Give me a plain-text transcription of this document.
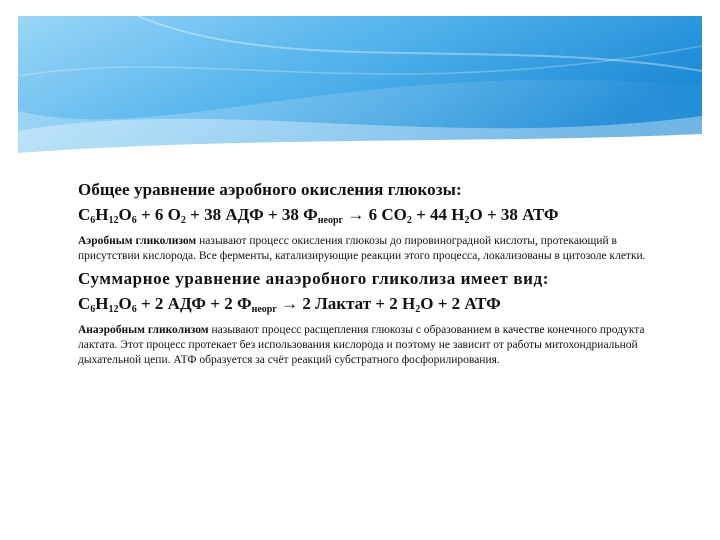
Общее уравнение аэробного окисления глюкозы:

$C_6H_{12}O_6 + 6$ $O_2 + 38$ АДФ + 38 $Ф_{неорг} \to 6$ $CO_2 + 44$ $H_2O + 38$ АТФ

Аэробным гликолизом называют процесс окисления глюкозы до пировиноградной кислоты, протекающий в присутствии кислорода. Все ферменты, катализирующие реакции этого процесса, локализованы в цитозоле клетки.

Суммарное уравнение анаэробного гликолиза имеет вид:

$C_6H_{12}O_6 + 2$ АДФ + 2 $Ф_{неорг} \to 2$ Лактат + 2 $H_2O + 2$ АТФ

Анаэробным гликолизом называют процесс расщепления глюкозы с образованием в качестве конечного продукта лактата. Этот процесс протекает без использования кислорода и поэтому не зависит от работы митохондриальной дыхательной цепи. АТФ образуется за счёт реакций субстратного фосфорилирования.
